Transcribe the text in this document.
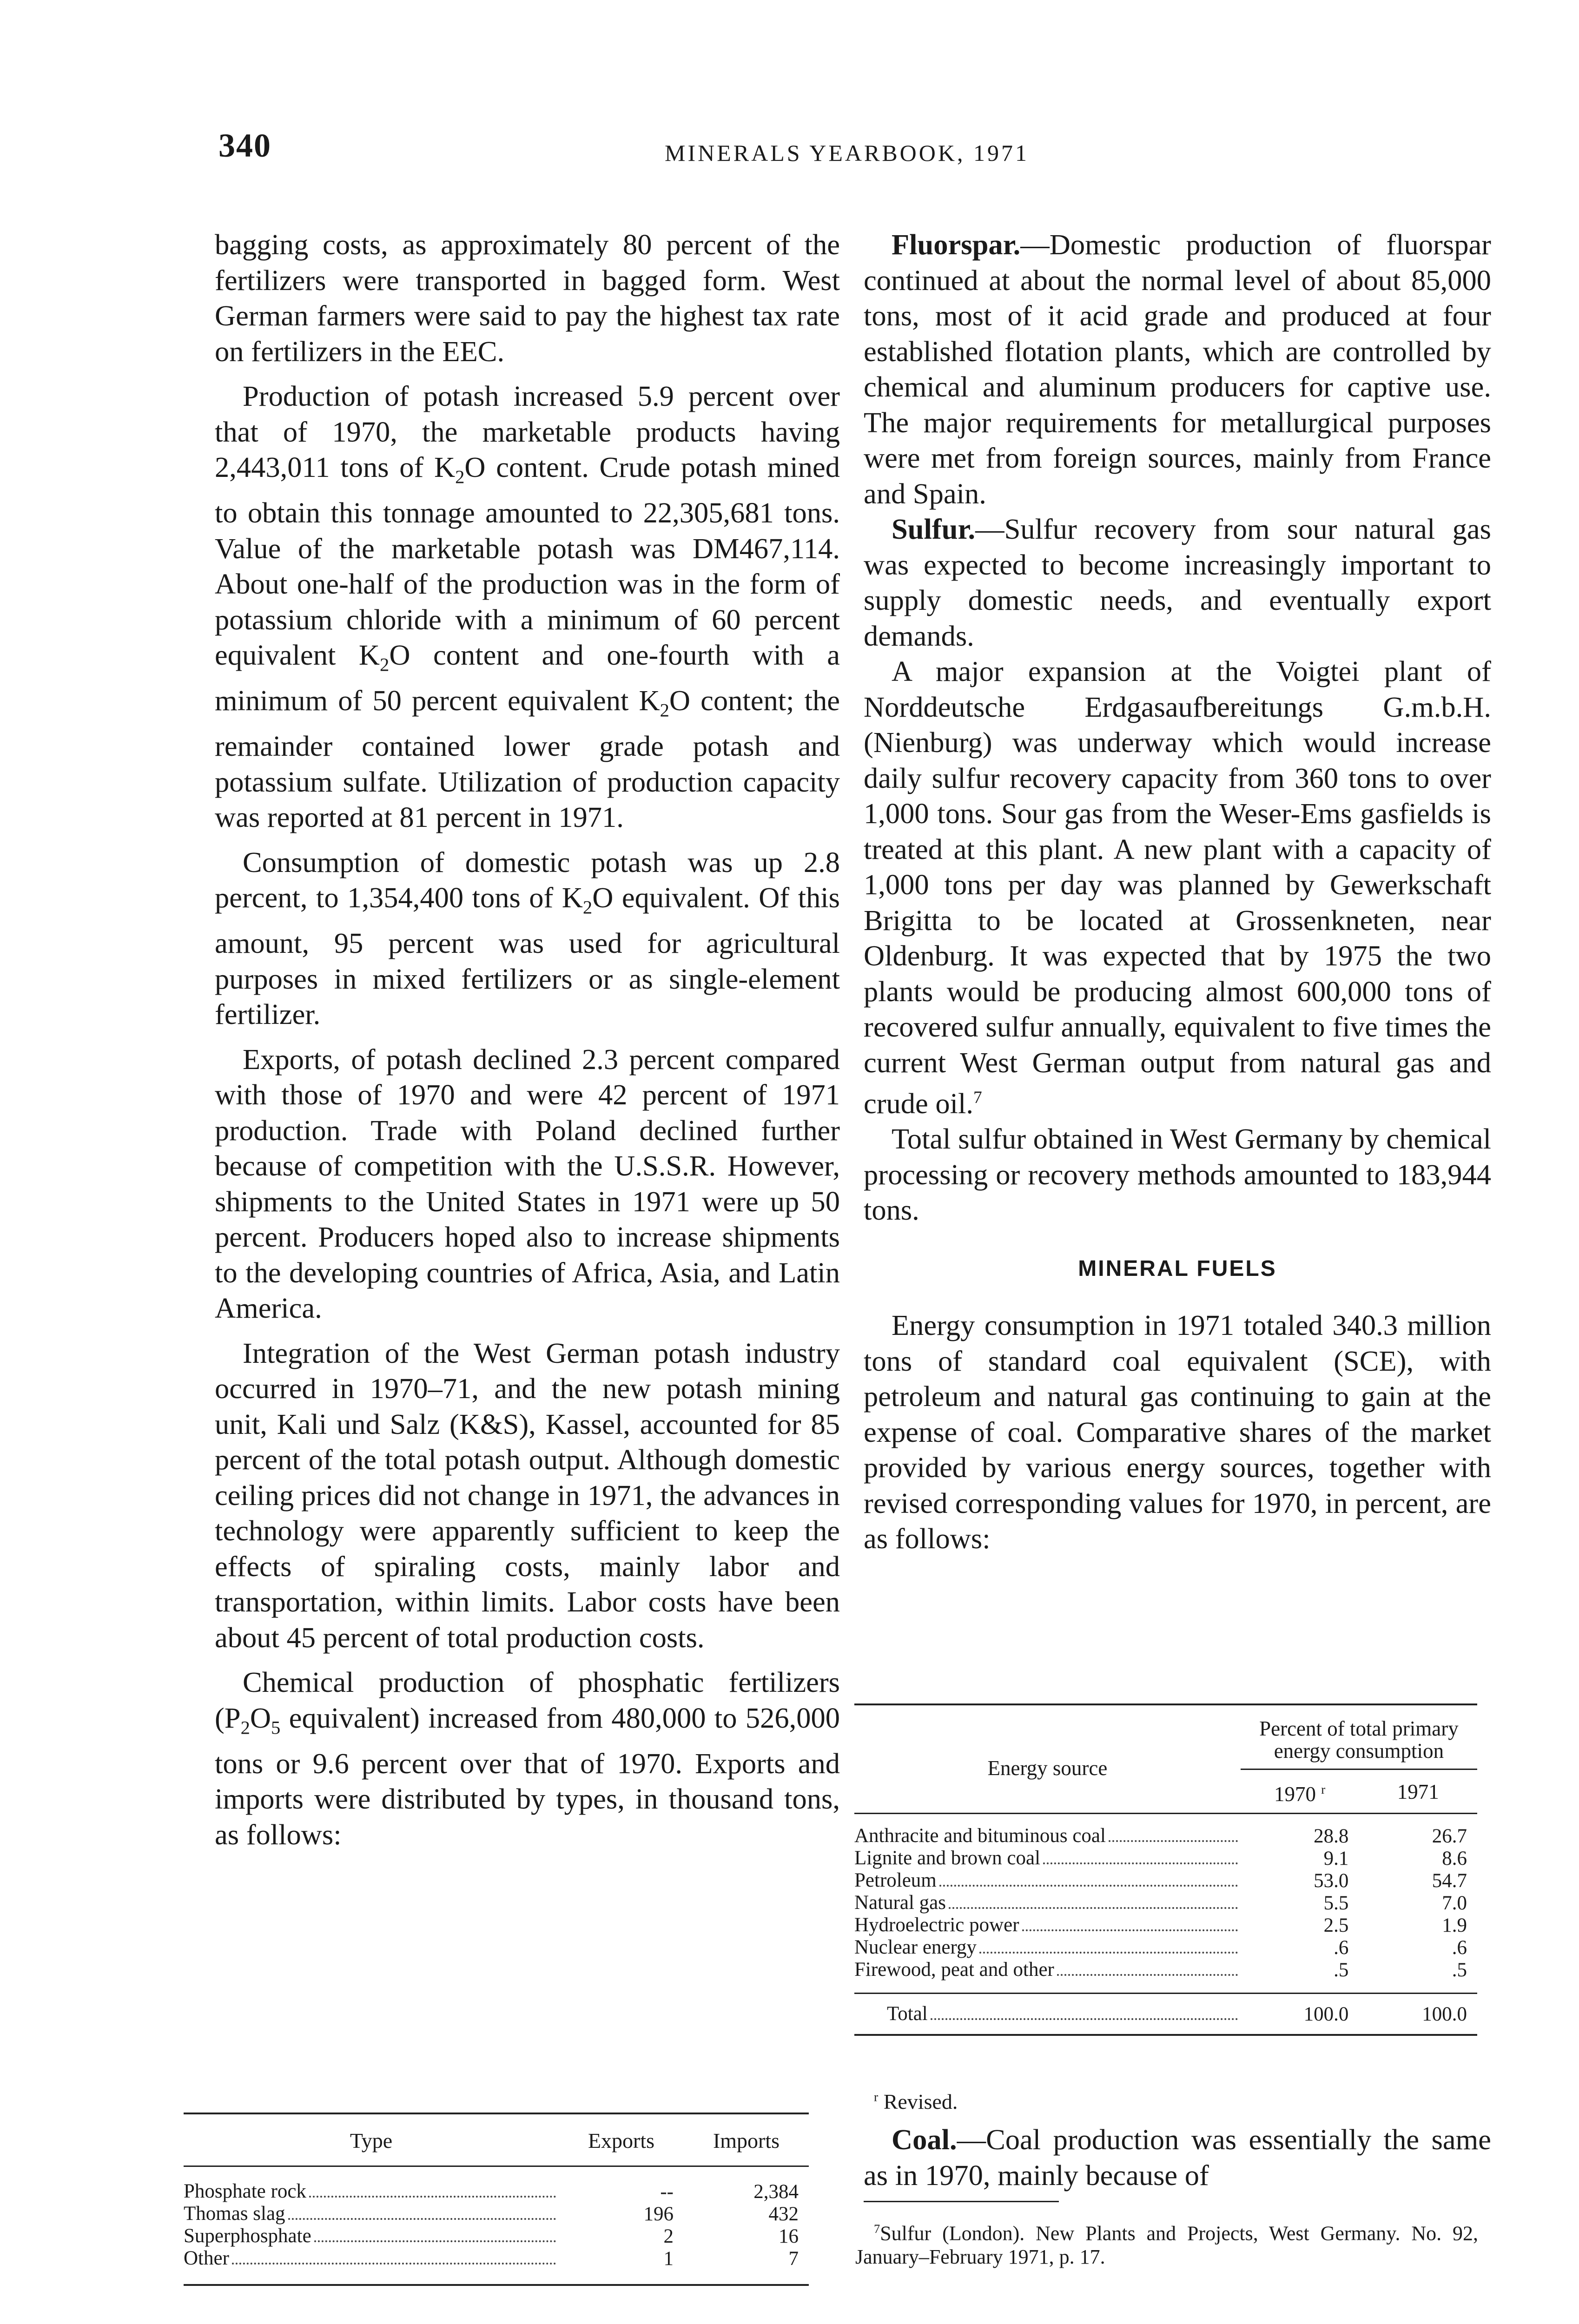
340	MINERALS YEARBOOK, 1971

bagging costs, as approximately 80 percent of the fertilizers were transported in bagged form. West German farmers were said to pay the highest tax rate on fertilizers in the EEC.

Production of potash increased 5.9 percent over that of 1970, the marketable products having 2,443,011 tons of $K_2O$ content. Crude potash mined to obtain this tonnage amounted to 22,305,681 tons. Value of the marketable potash was DM467,114. About one-half of the production was in the form of potassium chloride with a minimum of 60 percent equivalent $K_2O$ content and one-fourth with a minimum of 50 percent equivalent $K_2O$ content; the remainder contained lower grade potash and potassium sulfate. Utilization of production capacity was reported at 81 percent in 1971.

Consumption of domestic potash was up 2.8 percent, to 1,354,400 tons of $K_2O$ equivalent. Of this amount, 95 percent was used for agricultural purposes in mixed fertilizers or as single-element fertilizer.

Exports, of potash declined 2.3 percent compared with those of 1970 and were 42 percent of 1971 production. Trade with Poland declined further because of competition with the U.S.S.R. However, shipments to the United States in 1971 were up 50 percent. Producers hoped also to increase shipments to the developing countries of Africa, Asia, and Latin America.

Integration of the West German potash industry occurred in 1970–71, and the new potash mining unit, Kali und Salz (K&S), Kassel, accounted for 85 percent of the total potash output. Although domestic ceiling prices did not change in 1971, the advances in technology were apparently sufficient to keep the effects of spiraling costs, mainly labor and transportation, within limits. Labor costs have been about 45 percent of total production costs.

Chemical production of phosphatic fertilizers ($P_2O_5$ equivalent) increased from 480,000 to 526,000 tons or 9.6 percent over that of 1970. Exports and imports were distributed by types, in thousand tons, as follows:

Type	Exports	Imports

Phosphate rock	--	2,384

Thomas slag	196	432

Superphosphate	2	16

Other	1	7

Fluorspar.—Domestic production of fluorspar continued at about the normal level of about 85,000 tons, most of it acid grade and produced at four established flotation plants, which are controlled by chemical and aluminum producers for captive use. The major requirements for metallurgical purposes were met from foreign sources, mainly from France and Spain.

Sulfur.—Sulfur recovery from sour natural gas was expected to become increasingly important to supply domestic needs, and eventually export demands.

A major expansion at the Voigtei plant of Norddeutsche Erdgasaufbereitungs G.m.b.H. (Nienburg) was underway which would increase daily sulfur recovery capacity from 360 tons to over 1,000 tons. Sour gas from the Weser-Ems gasfields is treated at this plant. A new plant with a capacity of 1,000 tons per day was planned by Gewerkschaft Brigitta to be located at Grossenkneten, near Oldenburg. It was expected that by 1975 the two plants would be producing almost 600,000 tons of recovered sulfur annually, equivalent to five times the current West German output from natural gas and crude oil.$^7$

Total sulfur obtained in West Germany by chemical processing or recovery methods amounted to 183,944 tons.

MINERAL FUELS

Energy consumption in 1971 totaled 340.3 million tons of standard coal equivalent (SCE), with petroleum and natural gas continuing to gain at the expense of coal. Comparative shares of the market provided by various energy sources, together with revised corresponding values for 1970, in percent, are as follows:

Energy source	Percent of total primary energy consumption	
	1970 $^r$	1971

Anthracite and bituminous coal	28.8	26.7

Lignite and brown coal	9.1	8.6

Petroleum	53.0	54.7

Natural gas	5.5	7.0

Hydroelectric power	2.5	1.9

Nuclear energy	.6	.6

Firewood, peat and other	.5	.5

Total	100.0	100.0
$^r$ Revised.

Coal.—Coal production was essentially the same as in 1970, mainly because of

$^7$Sulfur (London). New Plants and Projects, West Germany. No. 92, January–February 1971, p. 17.
